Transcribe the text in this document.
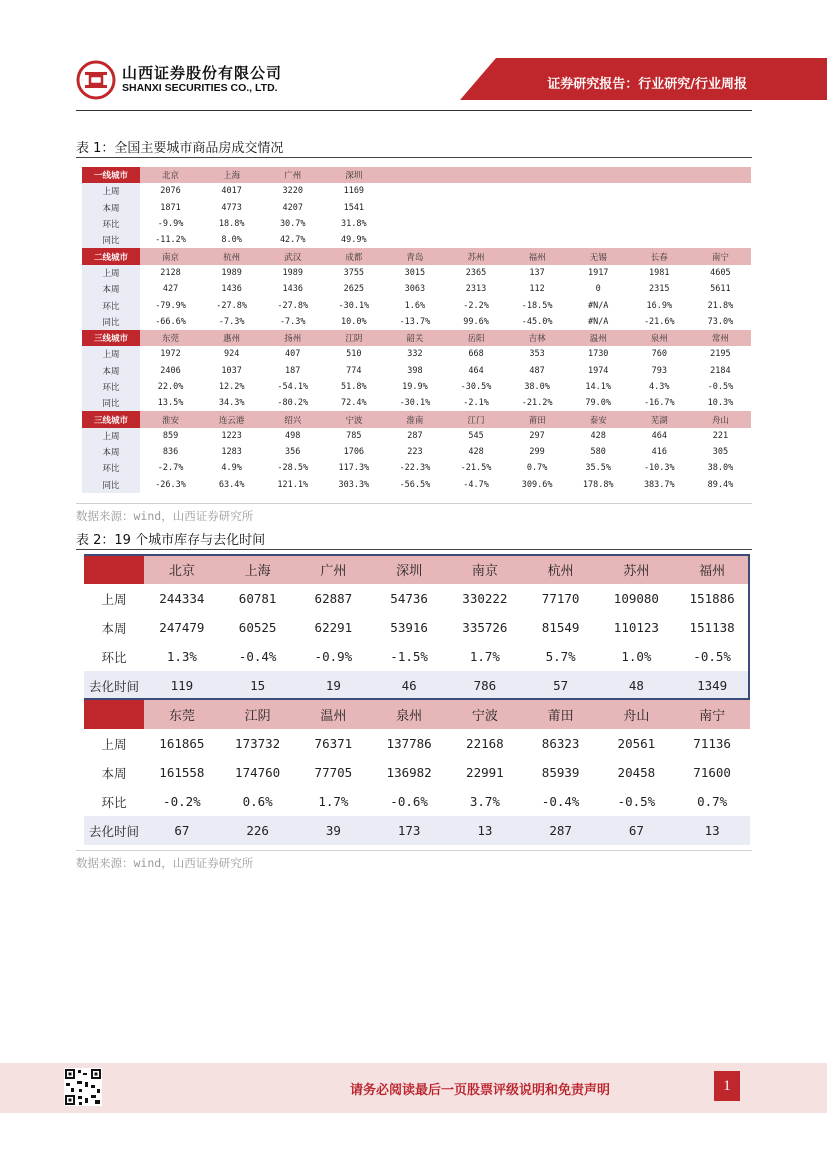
山西证券股份有限公司
SHANXI SECURITIES CO., LTD.	证券研究报告：行业研究/行业周报
表 1：全国主要城市商品房成交情况
一线城市	北京	上海	广州	深圳						
上周	2076	4017	3220	1169						
本周	1871	4773	4207	1541						
环比	-9.9%	18.8%	30.7%	31.8%						
同比	-11.2%	8.0%	42.7%	49.9%						
二线城市	南京	杭州	武汉	成都	青岛	苏州	福州	无锡	长春	南宁
上周	2128	1989	1989	3755	3015	2365	137	1917	1981	4605
本周	427	1436	1436	2625	3063	2313	112	0	2315	5611
环比	-79.9%	-27.8%	-27.8%	-30.1%	1.6%	-2.2%	-18.5%	#N/A	16.9%	21.8%
同比	-66.6%	-7.3%	-7.3%	10.0%	-13.7%	99.6%	-45.0%	#N/A	-21.6%	73.0%
三线城市	东莞	惠州	扬州	江阴	韶关	岳阳	吉林	温州	泉州	常州
上周	1972	924	407	510	332	668	353	1730	760	2195
本周	2406	1037	187	774	398	464	487	1974	793	2184
环比	22.0%	12.2%	-54.1%	51.8%	19.9%	-30.5%	38.0%	14.1%	4.3%	-0.5%
同比	13.5%	34.3%	-80.2%	72.4%	-30.1%	-2.1%	-21.2%	79.0%	-16.7%	10.3%
三线城市	淮安	连云港	绍兴	宁波	淮南	江门	莆田	泰安	芜湖	舟山
上周	859	1223	498	785	287	545	297	428	464	221
本周	836	1283	356	1706	223	428	299	580	416	305
环比	-2.7%	4.9%	-28.5%	117.3%	-22.3%	-21.5%	0.7%	35.5%	-10.3%	38.0%
同比	-26.3%	63.4%	121.1%	303.3%	-56.5%	-4.7%	309.6%	178.8%	383.7%	89.4%
数据来源：wind，山西证券研究所
表 2：19 个城市库存与去化时间
	北京	上海	广州	深圳	南京	杭州	苏州	福州
上周	244334	60781	62887	54736	330222	77170	109080	151886
本周	247479	60525	62291	53916	335726	81549	110123	151138
环比	1.3%	-0.4%	-0.9%	-1.5%	1.7%	5.7%	1.0%	-0.5%
去化时间	119	15	19	46	786	57	48	1349
	东莞	江阴	温州	泉州	宁波	莆田	舟山	南宁
上周	161865	173732	76371	137786	22168	86323	20561	71136
本周	161558	174760	77705	136982	22991	85939	20458	71600
环比	-0.2%	0.6%	1.7%	-0.6%	3.7%	-0.4%	-0.5%	0.7%
去化时间	67	226	39	173	13	287	67	13
数据来源：wind，山西证券研究所
请务必阅读最后一页股票评级说明和免责声明	1
